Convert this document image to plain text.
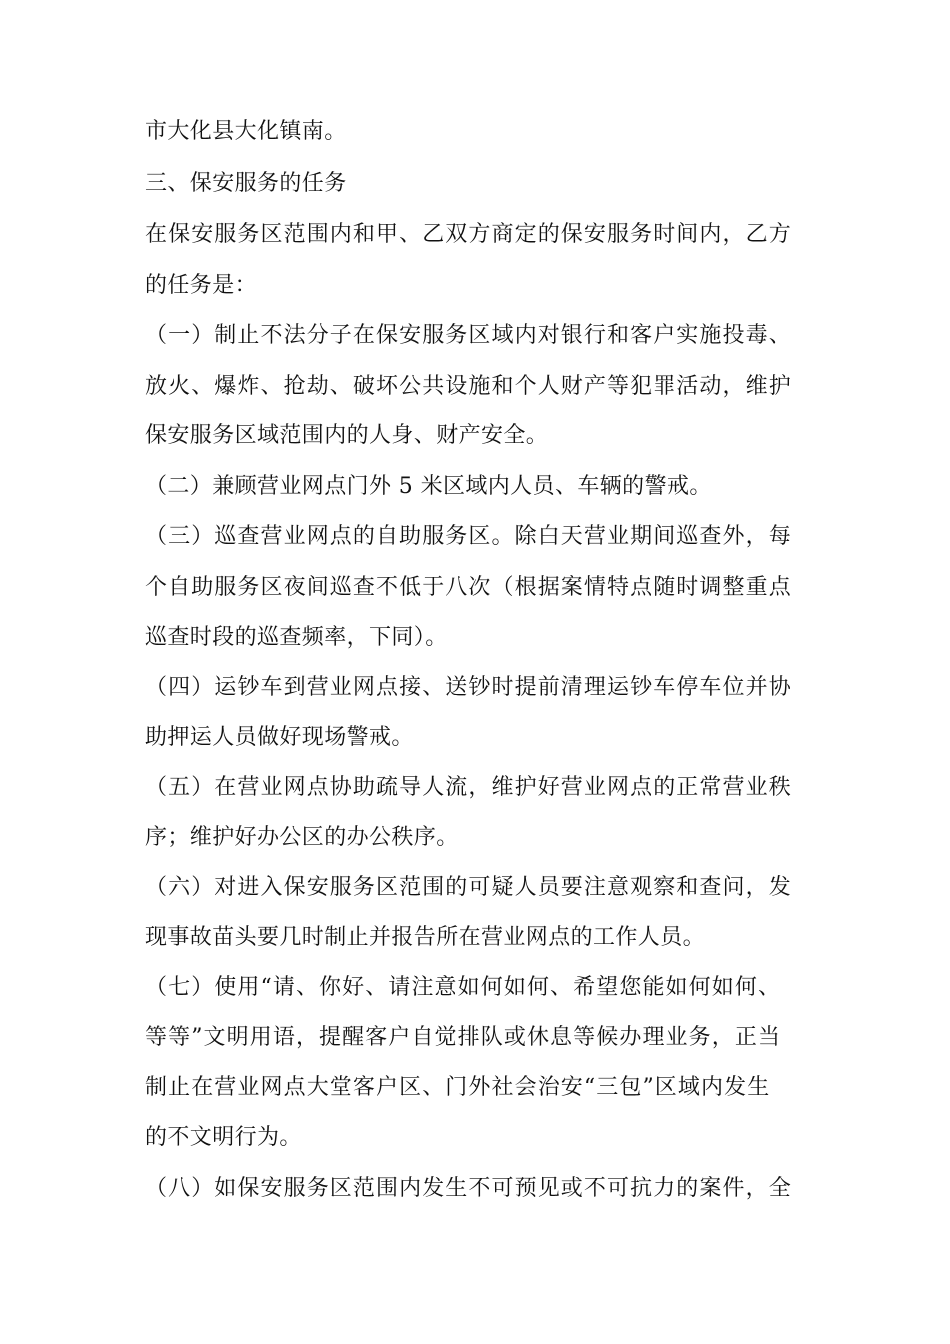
市大化县大化镇南。

三、保安服务的任务

在保安服务区范围内和甲、乙双方商定的保安服务时间内，乙方

的任务是：

（一）制止不法分子在保安服务区域内对银行和客户实施投毒、

放火、爆炸、抢劫、破坏公共设施和个人财产等犯罪活动，维护

保安服务区域范围内的人身、财产安全。

（二）兼顾营业网点门外 5 米区域内人员、车辆的警戒。

（三）巡查营业网点的自助服务区。除白天营业期间巡查外，每

个自助服务区夜间巡查不低于八次（根据案情特点随时调整重点

巡查时段的巡查频率，下同）。

（四）运钞车到营业网点接、送钞时提前清理运钞车停车位并协

助押运人员做好现场警戒。

（五）在营业网点协助疏导人流，维护好营业网点的正常营业秩

序；维护好办公区的办公秩序。

（六）对进入保安服务区范围的可疑人员要注意观察和查问，发

现事故苗头要几时制止并报告所在营业网点的工作人员。

（七）使用“请、你好、请注意如何如何、希望您能如何如何、

等等”文明用语，提醒客户自觉排队或休息等候办理业务，正当

制止在营业网点大堂客户区、门外社会治安“三包”区域内发生

的不文明行为。

（八）如保安服务区范围内发生不可预见或不可抗力的案件，全
